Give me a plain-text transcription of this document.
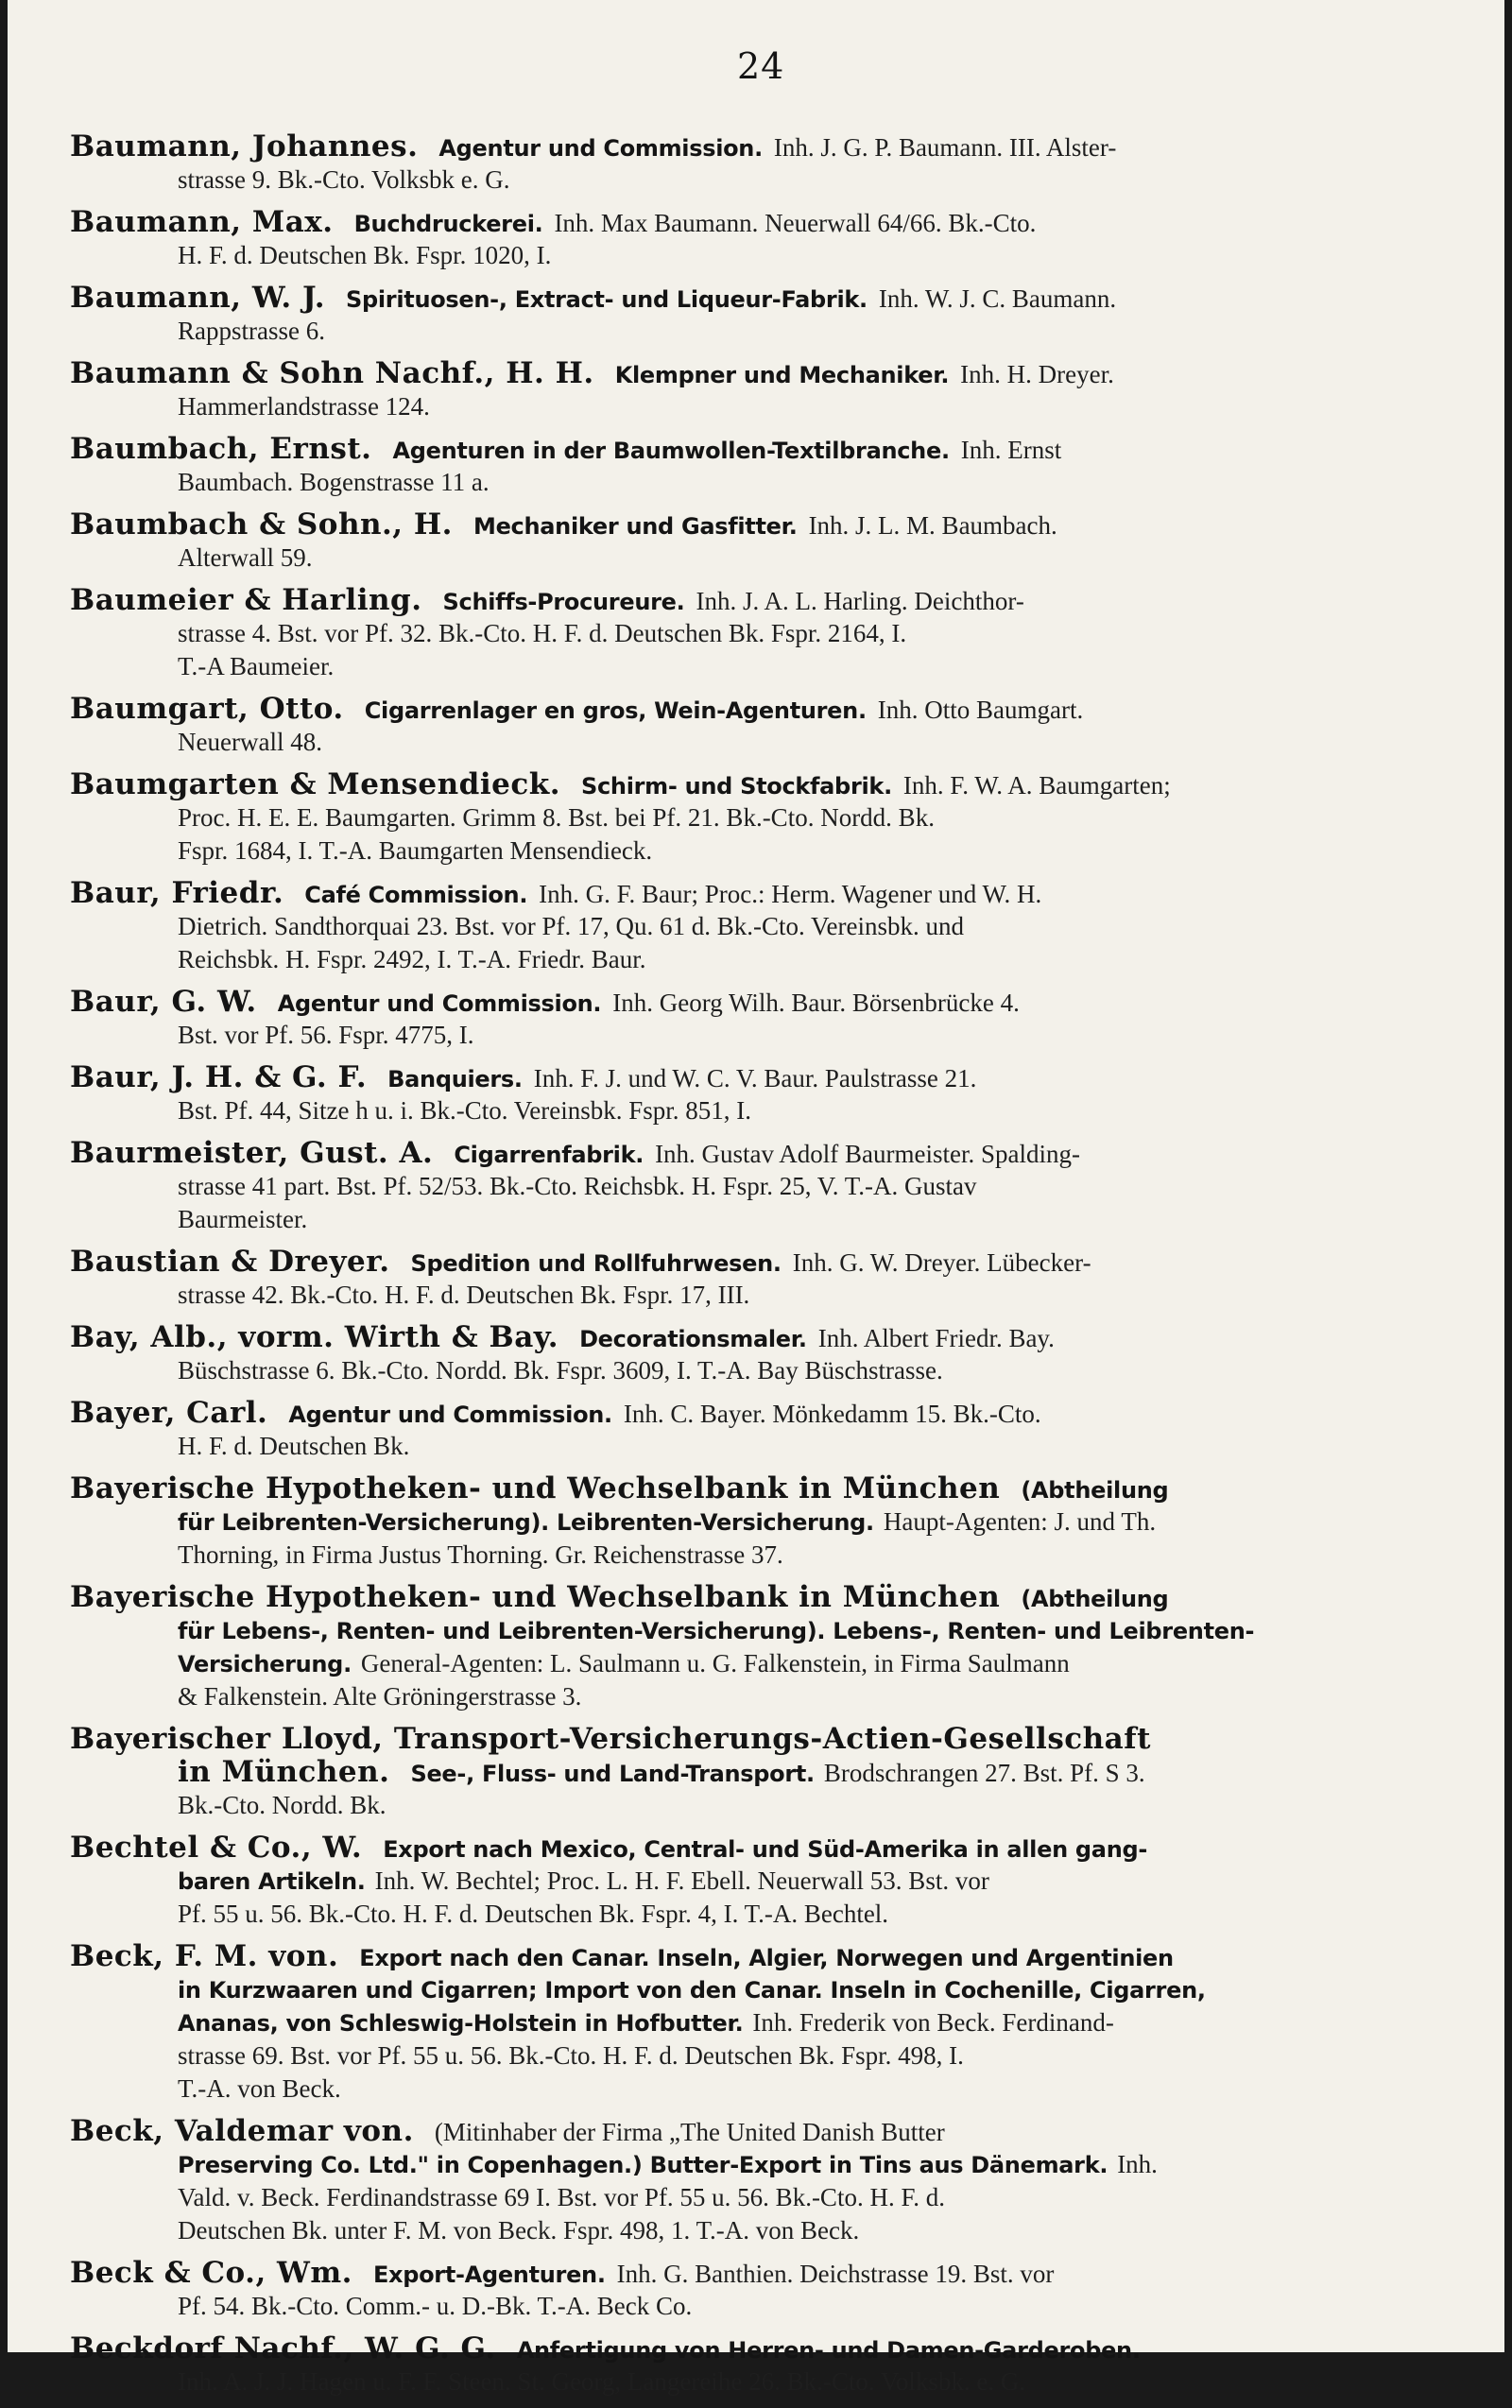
24
Baumann, Johannes. Agentur und Commission. Inh. J. G. P. Baumann. III. Alster-
strasse 9. Bk.-Cto. Volksbk e. G.
Baumann, Max. Buchdruckerei. Inh. Max Baumann. Neuerwall 64/66. Bk.-Cto.
H. F. d. Deutschen Bk. Fspr. 1020, I.
Baumann, W. J. Spirituosen-, Extract- und Liqueur-Fabrik. Inh. W. J. C. Baumann.
Rappstrasse 6.
Baumann & Sohn Nachf., H. H. Klempner und Mechaniker. Inh. H. Dreyer.
Hammerlandstrasse 124.
Baumbach, Ernst. Agenturen in der Baumwollen-Textilbranche. Inh. Ernst
Baumbach. Bogenstrasse 11 a.
Baumbach & Sohn., H. Mechaniker und Gasfitter. Inh. J. L. M. Baumbach.
Alterwall 59.
Baumeier & Harling. Schiffs-Procureure. Inh. J. A. L. Harling. Deichthor-
strasse 4. Bst. vor Pf. 32. Bk.-Cto. H. F. d. Deutschen Bk. Fspr. 2164, I.
T.-A Baumeier.
Baumgart, Otto. Cigarrenlager en gros, Wein-Agenturen. Inh. Otto Baumgart.
Neuerwall 48.
Baumgarten & Mensendieck. Schirm- und Stockfabrik. Inh. F. W. A. Baumgarten;
Proc. H. E. E. Baumgarten. Grimm 8. Bst. bei Pf. 21. Bk.-Cto. Nordd. Bk.
Fspr. 1684, I. T.-A. Baumgarten Mensendieck.
Baur, Friedr. Café Commission. Inh. G. F. Baur; Proc.: Herm. Wagener und W. H.
Dietrich. Sandthorquai 23. Bst. vor Pf. 17, Qu. 61 d. Bk.-Cto. Vereinsbk. und
Reichsbk. H. Fspr. 2492, I. T.-A. Friedr. Baur.
Baur, G. W. Agentur und Commission. Inh. Georg Wilh. Baur. Börsenbrücke 4.
Bst. vor Pf. 56. Fspr. 4775, I.
Baur, J. H. & G. F. Banquiers. Inh. F. J. und W. C. V. Baur. Paulstrasse 21.
Bst. Pf. 44, Sitze h u. i. Bk.-Cto. Vereinsbk. Fspr. 851, I.
Baurmeister, Gust. A. Cigarrenfabrik. Inh. Gustav Adolf Baurmeister. Spalding-
strasse 41 part. Bst. Pf. 52/53. Bk.-Cto. Reichsbk. H. Fspr. 25, V. T.-A. Gustav
Baurmeister.
Baustian & Dreyer. Spedition und Rollfuhrwesen. Inh. G. W. Dreyer. Lübecker-
strasse 42. Bk.-Cto. H. F. d. Deutschen Bk. Fspr. 17, III.
Bay, Alb., vorm. Wirth & Bay. Decorationsmaler. Inh. Albert Friedr. Bay.
Büschstrasse 6. Bk.-Cto. Nordd. Bk. Fspr. 3609, I. T.-A. Bay Büschstrasse.
Bayer, Carl. Agentur und Commission. Inh. C. Bayer. Mönkedamm 15. Bk.-Cto.
H. F. d. Deutschen Bk.
Bayerische Hypotheken- und Wechselbank in München (Abtheilung
für Leibrenten-Versicherung). Leibrenten-Versicherung. Haupt-Agenten: J. und Th.
Thorning, in Firma Justus Thorning. Gr. Reichenstrasse 37.
Bayerische Hypotheken- und Wechselbank in München (Abtheilung
für Lebens-, Renten- und Leibrenten-Versicherung). Lebens-, Renten- und Leibrenten-
Versicherung. General-Agenten: L. Saulmann u. G. Falkenstein, in Firma Saulmann
& Falkenstein. Alte Gröningerstrasse 3.
Bayerischer Lloyd, Transport-Versicherungs-Actien-Gesellschaft
in München. See-, Fluss- und Land-Transport. Brodschrangen 27. Bst. Pf. S 3.
Bk.-Cto. Nordd. Bk.
Bechtel & Co., W. Export nach Mexico, Central- und Süd-Amerika in allen gang-
baren Artikeln. Inh. W. Bechtel; Proc. L. H. F. Ebell. Neuerwall 53. Bst. vor
Pf. 55 u. 56. Bk.-Cto. H. F. d. Deutschen Bk. Fspr. 4, I. T.-A. Bechtel.
Beck, F. M. von. Export nach den Canar. Inseln, Algier, Norwegen und Argentinien
in Kurzwaaren und Cigarren; Import von den Canar. Inseln in Cochenille, Cigarren,
Ananas, von Schleswig-Holstein in Hofbutter. Inh. Frederik von Beck. Ferdinand-
strasse 69. Bst. vor Pf. 55 u. 56. Bk.-Cto. H. F. d. Deutschen Bk. Fspr. 498, I.
T.-A. von Beck.
Beck, Valdemar von. (Mitinhaber der Firma „The United Danish Butter
Preserving Co. Ltd." in Copenhagen.) Butter-Export in Tins aus Dänemark. Inh.
Vald. v. Beck. Ferdinandstrasse 69 I. Bst. vor Pf. 55 u. 56. Bk.-Cto. H. F. d.
Deutschen Bk. unter F. M. von Beck. Fspr. 498, 1. T.-A. von Beck.
Beck & Co., Wm. Export-Agenturen. Inh. G. Banthien. Deichstrasse 19. Bst. vor
Pf. 54. Bk.-Cto. Comm.- u. D.-Bk. T.-A. Beck Co.
Beckdorf Nachf., W. G. G. Anfertigung von Herren- und Damen-Garderoben.
Inh. A. J. J. Hagen u. F. F. Steen. St. Georg, Langereihe 26. Bk.-Cto. Volksbk. e. G.
